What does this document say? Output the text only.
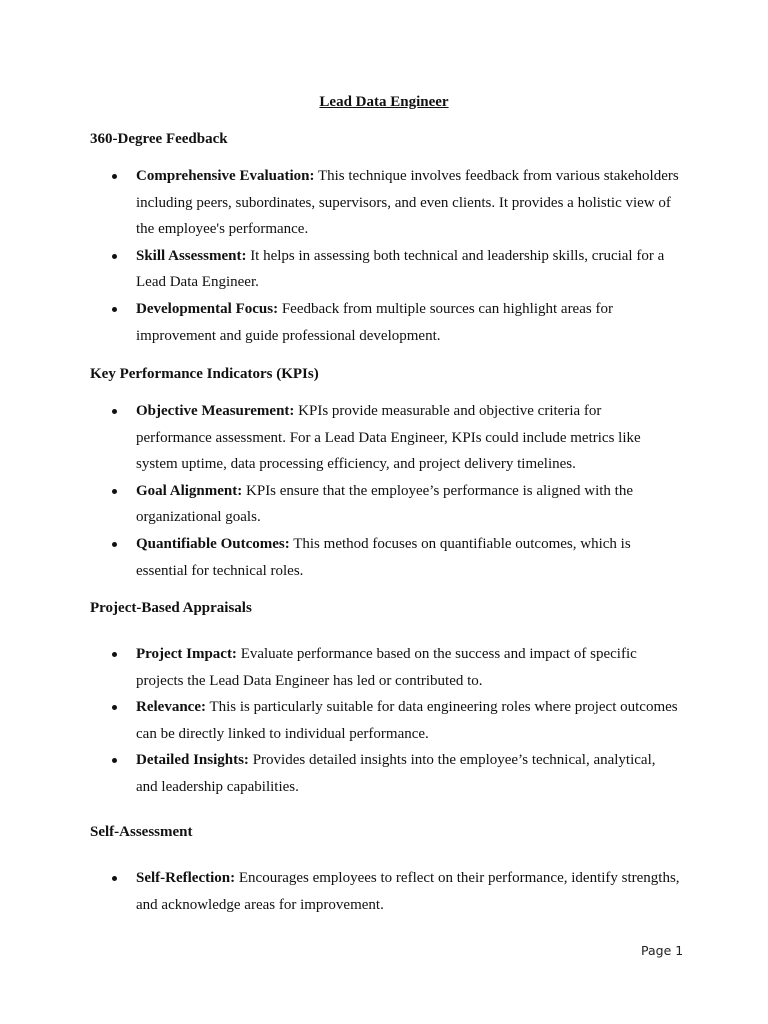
Lead Data Engineer
360-Degree Feedback
Comprehensive Evaluation: This technique involves feedback from various stakeholders including peers, subordinates, supervisors, and even clients. It provides a holistic view of the employee's performance.
Skill Assessment: It helps in assessing both technical and leadership skills, crucial for a Lead Data Engineer.
Developmental Focus: Feedback from multiple sources can highlight areas for improvement and guide professional development.
Key Performance Indicators (KPIs)
Objective Measurement: KPIs provide measurable and objective criteria for performance assessment. For a Lead Data Engineer, KPIs could include metrics like system uptime, data processing efficiency, and project delivery timelines.
Goal Alignment: KPIs ensure that the employee’s performance is aligned with the organizational goals.
Quantifiable Outcomes: This method focuses on quantifiable outcomes, which is essential for technical roles.
Project-Based Appraisals
Project Impact: Evaluate performance based on the success and impact of specific projects the Lead Data Engineer has led or contributed to.
Relevance: This is particularly suitable for data engineering roles where project outcomes can be directly linked to individual performance.
Detailed Insights: Provides detailed insights into the employee’s technical, analytical, and leadership capabilities.
Self-Assessment
Self-Reflection: Encourages employees to reflect on their performance, identify strengths, and acknowledge areas for improvement.
Page 1
